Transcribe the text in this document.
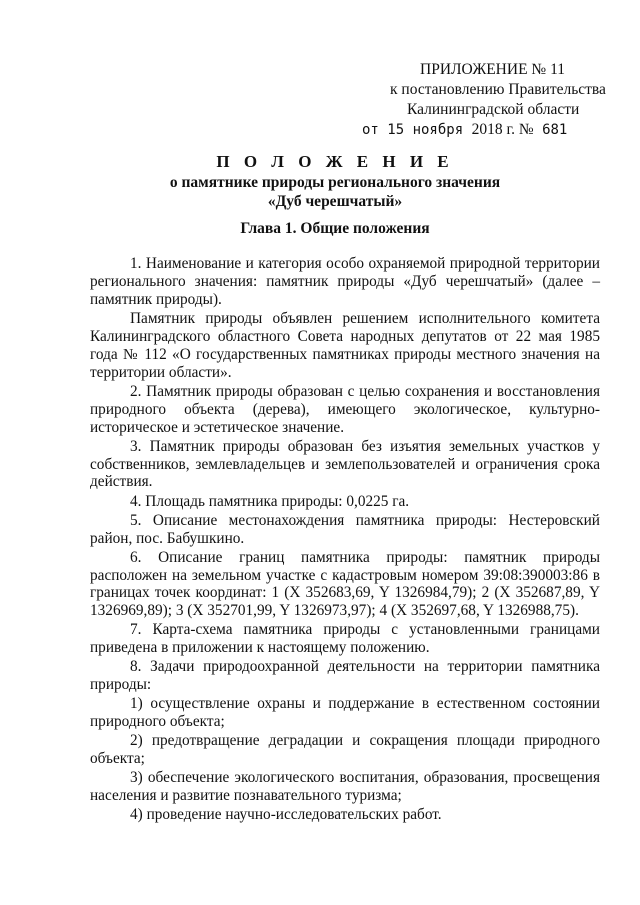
ПРИЛОЖЕНИЕ № 11
к постановлению Правительства
Калининградской области
от 15 ноября 2018 г. № 681
П О Л О Ж Е Н И Е
о памятнике природы регионального значения
«Дуб черешчатый»
Глава 1. Общие положения

1. Наименование и категория особо охраняемой природной территории регионального значения: памятник природы «Дуб черешчатый» (далее – памятник природы).

Памятник природы объявлен решением исполнительного комитета Калининградского областного Совета народных депутатов от 22 мая 1985 года № 112 «О государственных памятниках природы местного значения на территории области».

2. Памятник природы образован с целью сохранения и восстановления природного объекта (дерева), имеющего экологическое, культурно-историческое и эстетическое значение.

3. Памятник природы образован без изъятия земельных участков у собственников, землевладельцев и землепользователей и ограничения срока действия.

4. Площадь памятника природы: 0,0225 га.

5. Описание местонахождения памятника природы: Нестеровский район, пос. Бабушкино.

6. Описание границ памятника природы: памятник природы расположен на земельном участке с кадастровым номером 39:08:390003:86 в границах точек координат: 1 (X 352683,69, Y 1326984,79); 2 (X 352687,89, Y 1326969,89); 3 (X 352701,99, Y 1326973,97); 4 (X 352697,68, Y 1326988,75).

7. Карта-схема памятника природы с установленными границами приведена в приложении к настоящему положению.

8. Задачи природоохранной деятельности на территории памятника природы:

1) осуществление охраны и поддержание в естественном состоянии природного объекта;

2) предотвращение деградации и сокращения площади природного объекта;

3) обеспечение экологического воспитания, образования, просвещения населения и развитие познавательного туризма;

4) проведение научно-исследовательских работ.
